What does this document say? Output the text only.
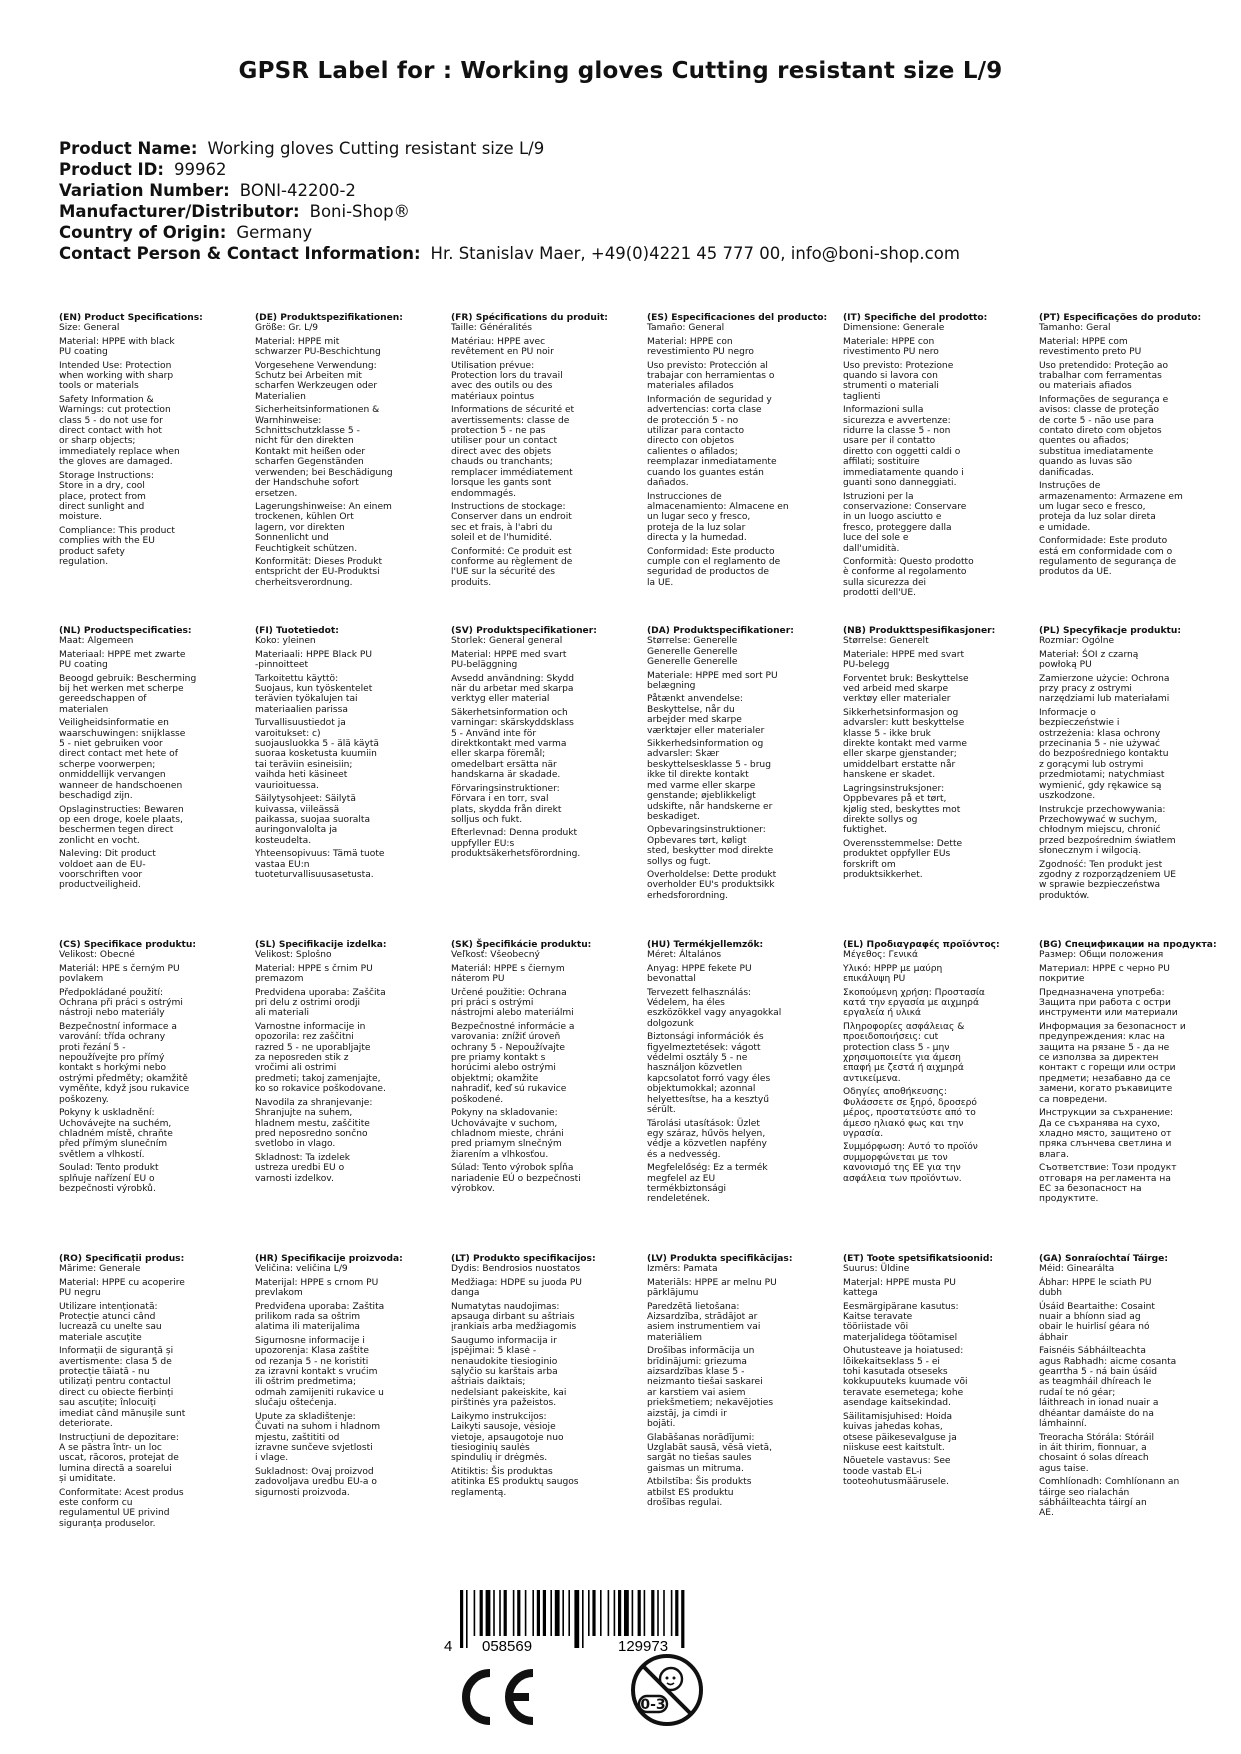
GPSR Label for : Working gloves Cutting resistant size L/9
Product Name: Working gloves Cutting resistant size L/9
Product ID: 99962
Variation Number: BONI-42200-2
Manufacturer/Distributor: Boni-Shop®
Country of Origin: Germany
Contact Person & Contact Information: Hr. Stanislav Maer, +49(0)4221 45 777 00, info@boni-shop.com
(EN) Product Specifications:
Size: General
Material: HPPE with black
PU coating
Intended Use: Protection
when working with sharp
tools or materials
Safety Information &
Warnings: cut protection
class 5 - do not use for
direct contact with hot
or sharp objects;
immediately replace when
the gloves are damaged.
Storage Instructions:
Store in a dry, cool
place, protect from
direct sunlight and
moisture.
Compliance: This product
complies with the EU
product safety
regulation.
(DE) Produktspezifikationen:
Größe: Gr. L/9
Material: HPPE mit
schwarzer PU-Beschichtung
Vorgesehene Verwendung:
Schutz bei Arbeiten mit
scharfen Werkzeugen oder
Materialien
Sicherheitsinformationen &
Warnhinweise:
Schnittschutzklasse 5 -
nicht für den direkten
Kontakt mit heißen oder
scharfen Gegenständen
verwenden; bei Beschädigung
der Handschuhe sofort
ersetzen.
Lagerungshinweise: An einem
trockenen, kühlen Ort
lagern, vor direkten
Sonnenlicht und
Feuchtigkeit schützen.
Konformität: Dieses Produkt
entspricht der EU-Produktsi
cherheitsverordnung.
(FR) Spécifications du produit:
Taille: Généralités
Matériau: HPPE avec
revêtement en PU noir
Utilisation prévue:
Protection lors du travail
avec des outils ou des
matériaux pointus
Informations de sécurité et
avertissements: classe de
protection 5 - ne pas
utiliser pour un contact
direct avec des objets
chauds ou tranchants;
remplacer immédiatement
lorsque les gants sont
endommagés.
Instructions de stockage:
Conserver dans un endroit
sec et frais, à l'abri du
soleil et de l'humidité.
Conformité: Ce produit est
conforme au règlement de
l'UE sur la sécurité des
produits.
(ES) Especificaciones del producto:
Tamaño: General
Material: HPPE con
revestimiento PU negro
Uso previsto: Protección al
trabajar con herramientas o
materiales afilados
Información de seguridad y
advertencias: corta clase
de protección 5 - no
utilizar para contacto
directo con objetos
calientes o afilados;
reemplazar inmediatamente
cuando los guantes están
dañados.
Instrucciones de
almacenamiento: Almacene en
un lugar seco y fresco,
proteja de la luz solar
directa y la humedad.
Conformidad: Este producto
cumple con el reglamento de
seguridad de productos de
la UE.
(IT) Specifiche del prodotto:
Dimensione: Generale
Materiale: HPPE con
rivestimento PU nero
Uso previsto: Protezione
quando si lavora con
strumenti o materiali
taglienti
Informazioni sulla
sicurezza e avvertenze:
ridurre la classe 5 - non
usare per il contatto
diretto con oggetti caldi o
affilati; sostituire
immediatamente quando i
guanti sono danneggiati.
Istruzioni per la
conservazione: Conservare
in un luogo asciutto e
fresco, proteggere dalla
luce del sole e
dall'umidità.
Conformità: Questo prodotto
è conforme al regolamento
sulla sicurezza dei
prodotti dell'UE.
(PT) Especificações do produto:
Tamanho: Geral
Material: HPPE com
revestimento preto PU
Uso pretendido: Proteção ao
trabalhar com ferramentas
ou materiais afiados
Informações de segurança e
avisos: classe de proteção
de corte 5 - não use para
contato direto com objetos
quentes ou afiados;
substitua imediatamente
quando as luvas são
danificadas.
Instruções de
armazenamento: Armazene em
um lugar seco e fresco,
proteja da luz solar direta
e umidade.
Conformidade: Este produto
está em conformidade com o
regulamento de segurança de
produtos da UE.
(NL) Productspecificaties:
Maat: Algemeen
Materiaal: HPPE met zwarte
PU coating
Beoogd gebruik: Bescherming
bij het werken met scherpe
gereedschappen of
materialen
Veiligheidsinformatie en
waarschuwingen: snijklasse
5 - niet gebruiken voor
direct contact met hete of
scherpe voorwerpen;
onmiddellijk vervangen
wanneer de handschoenen
beschadigd zijn.
Opslaginstructies: Bewaren
op een droge, koele plaats,
beschermen tegen direct
zonlicht en vocht.
Naleving: Dit product
voldoet aan de EU-
voorschriften voor
productveiligheid.
(FI) Tuotetiedot:
Koko: yleinen
Materiaali: HPPE Black PU
-pinnoitteet
Tarkoitettu käyttö:
Suojaus, kun työskentelet
terävien työkalujen tai
materiaalien parissa
Turvallisuustiedot ja
varoitukset: c)
suojausluokka 5 - älä käytä
suoraa kosketusta kuumiin
tai teräviin esineisiin;
vaihda heti käsineet
vaurioituessa.
Säilytysohjeet: Säilytä
kuivassa, viileässä
paikassa, suojaa suoralta
auringonvalolta ja
kosteudelta.
Yhteensopivuus: Tämä tuote
vastaa EU:n
tuoteturvallisuusasetusta.
(SV) Produktspecifikationer:
Storlek: General general
Material: HPPE med svart
PU-beläggning
Avsedd användning: Skydd
när du arbetar med skarpa
verktyg eller material
Säkerhetsinformation och
varningar: skärskyddsklass
5 - Använd inte för
direktkontakt med varma
eller skarpa föremål;
omedelbart ersätta när
handskarna är skadade.
Förvaringsinstruktioner:
Förvara i en torr, sval
plats, skydda från direkt
solljus och fukt.
Efterlevnad: Denna produkt
uppfyller EU:s
produktsäkerhetsförordning.
(DA) Produktspecifikationer:
Størrelse: Generelle
Generelle Generelle
Generelle Generelle
Materiale: HPPE med sort PU
belægning
Påtænkt anvendelse:
Beskyttelse, når du
arbejder med skarpe
værktøjer eller materialer
Sikkerhedsinformation og
advarsler: Skær
beskyttelsesklasse 5 - brug
ikke til direkte kontakt
med varme eller skarpe
genstande; øjeblikkeligt
udskifte, når handskerne er
beskadiget.
Opbevaringsinstruktioner:
Opbevares tørt, køligt
sted, beskytter mod direkte
sollys og fugt.
Overholdelse: Dette produkt
overholder EU's produktsikk
erhedsforordning.
(NB) Produkttspesifikasjoner:
Størrelse: Generelt
Materiale: HPPE med svart
PU-belegg
Forventet bruk: Beskyttelse
ved arbeid med skarpe
verktøy eller materialer
Sikkerhetsinformasjon og
advarsler: kutt beskyttelse
klasse 5 - ikke bruk
direkte kontakt med varme
eller skarpe gjenstander;
umiddelbart erstatte når
hanskene er skadet.
Lagringsinstruksjoner:
Oppbevares på et tørt,
kjølig sted, beskyttes mot
direkte sollys og
fuktighet.
Overensstemmelse: Dette
produktet oppfyller EUs
forskrift om
produktsikkerhet.
(PL) Specyfikacje produktu:
Rozmiar: Ogólne
Materiał: ŚOI z czarną
powłoką PU
Zamierzone użycie: Ochrona
przy pracy z ostrymi
narzędziami lub materiałami
Informacje o
bezpieczeństwie i
ostrzeżenia: klasa ochrony
przecinania 5 - nie używać
do bezpośredniego kontaktu
z gorącymi lub ostrymi
przedmiotami; natychmiast
wymienić, gdy rękawice są
uszkodzone.
Instrukcje przechowywania:
Przechowywać w suchym,
chłodnym miejscu, chronić
przed bezpośrednim światłem
słonecznym i wilgocią.
Zgodność: Ten produkt jest
zgodny z rozporządzeniem UE
w sprawie bezpieczeństwa
produktów.
(CS) Specifikace produktu:
Velikost: Obecné
Materiál: HPE s černým PU
povlakem
Předpokládané použití:
Ochrana při práci s ostrými
nástroji nebo materiály
Bezpečnostní informace a
varování: třída ochrany
proti řezání 5 -
nepoužívejte pro přímý
kontakt s horkými nebo
ostrými předměty; okamžitě
vyměňte, když jsou rukavice
poškozeny.
Pokyny k uskladnění:
Uchovávejte na suchém,
chladném místě, chraňte
před přímým slunečním
světlem a vlhkostí.
Soulad: Tento produkt
splňuje nařízení EU o
bezpečnosti výrobků.
(SL) Specifikacije izdelka:
Velikost: Splošno
Material: HPPE s črnim PU
premazom
Predvidena uporaba: Zaščita
pri delu z ostrimi orodji
ali materiali
Varnostne informacije in
opozorila: rez zaščitni
razred 5 - ne uporabljajte
za neposreden stik z
vročimi ali ostrimi
predmeti; takoj zamenjajte,
ko so rokavice poškodovane.
Navodila za shranjevanje:
Shranjujte na suhem,
hladnem mestu, zaščitite
pred neposredno sončno
svetlobo in vlago.
Skladnost: Ta izdelek
ustreza uredbi EU o
varnosti izdelkov.
(SK) Špecifikácie produktu:
Veľkosť: Všeobecný
Materiál: HPPE s čiernym
náterom PU
Určené použitie: Ochrana
pri práci s ostrými
nástrojmi alebo materiálmi
Bezpečnostné informácie a
varovania: znížiť úroveň
ochrany 5 - Nepoužívajte
pre priamy kontakt s
horúcimi alebo ostrými
objektmi; okamžite
nahradiť, keď sú rukavice
poškodené.
Pokyny na skladovanie:
Uchovávajte v suchom,
chladnom mieste, chráni
pred priamym slnečným
žiarením a vlhkosťou.
Súlad: Tento výrobok spĺňa
nariadenie EÚ o bezpečnosti
výrobkov.
(HU) Termékjellemzők:
Méret: Általános
Anyag: HPPE fekete PU
bevonattal
Tervezett felhasználás:
Védelem, ha éles
eszközökkel vagy anyagokkal
dolgozunk
Biztonsági információk és
figyelmeztetések: vágott
védelmi osztály 5 - ne
használjon közvetlen
kapcsolatot forró vagy éles
objektumokkal; azonnal
helyettesítse, ha a kesztyű
sérült.
Tárolási utasítások: Üzlet
egy száraz, hűvös helyen,
védje a közvetlen napfény
és a nedvesség.
Megfelelőség: Ez a termék
megfelel az EU
termékbiztonsági
rendeletének.
(EL) Προδιαγραφές προϊόντος:
Μέγεθος: Γενικά
Υλικό: HPPP με μαύρη
επικάλυψη PU
Σκοπούμενη χρήση: Προστασία
κατά την εργασία με αιχμηρά
εργαλεία ή υλικά
Πληροφορίες ασφάλειας &
προειδοποιήσεις: cut
protection class 5 - μην
χρησιμοποιείτε για άμεση
επαφή με ζεστά ή αιχμηρά
αντικείμενα.
Οδηγίες αποθήκευσης:
Φυλάσσετε σε ξηρό, δροσερό
μέρος, προστατεύστε από το
άμεσο ηλιακό φως και την
υγρασία.
Συμμόρφωση: Αυτό το προϊόν
συμμορφώνεται με τον
κανονισμό της ΕΕ για την
ασφάλεια των προϊόντων.
(BG) Спецификации на продукта:
Размер: Общи положения
Материал: HPPE с черно PU
покритие
Предназначена употреба:
Защита при работа с остри
инструменти или материали
Информация за безопасност и
предупреждения: клас на
защита на рязане 5 - да не
се използва за директен
контакт с горещи или остри
предмети; незабавно да се
замени, когато ръкавиците
са повредени.
Инструкции за съхранение:
Да се съхранява на сухо,
хладно място, защитено от
пряка слънчева светлина и
влага.
Съответствие: Този продукт
отговаря на регламента на
ЕС за безопасност на
продуктите.
(RO) Specificații produs:
Mărime: Generale
Material: HPPE cu acoperire
PU negru
Utilizare intenționată:
Protecție atunci când
lucrează cu unelte sau
materiale ascuțite
Informații de siguranță și
avertismente: clasa 5 de
protecție tăiată - nu
utilizați pentru contactul
direct cu obiecte fierbinți
sau ascuțite; înlocuiți
imediat când mănușile sunt
deteriorate.
Instrucțiuni de depozitare:
A se păstra într- un loc
uscat, răcoros, protejat de
lumina directă a soarelui
și umiditate.
Conformitate: Acest produs
este conform cu
regulamentul UE privind
siguranța produselor.
(HR) Specifikacije proizvoda:
Veličina: veličina L/9
Materijal: HPPE s crnom PU
prevlakom
Predviđena uporaba: Zaštita
prilikom rada sa oštrim
alatima ili materijalima
Sigurnosne informacije i
upozorenja: Klasa zaštite
od rezanja 5 - ne koristiti
za izravni kontakt s vrućim
ili oštrim predmetima;
odmah zamijeniti rukavice u
slučaju oštećenja.
Upute za skladištenje:
Čuvati na suhom i hladnom
mjestu, zaštititi od
izravne sunčeve svjetlosti
i vlage.
Sukladnost: Ovaj proizvod
zadovoljava uredbu EU-a o
sigurnosti proizvoda.
(LT) Produkto specifikacijos:
Dydis: Bendrosios nuostatos
Medžiaga: HDPE su juoda PU
danga
Numatytas naudojimas:
apsauga dirbant su aštriais
įrankiais arba medžiagomis
Saugumo informacija ir
įspėjimai: 5 klasė -
nenaudokite tiesioginio
sąlyčio su karštais arba
aštriais daiktais;
nedelsiant pakeiskite, kai
pirštinės yra pažeistos.
Laikymo instrukcijos:
Laikyti sausoje, vėsioje
vietoje, apsaugotoje nuo
tiesioginių saulės
spindulių ir drėgmės.
Atitiktis: Šis produktas
atitinka ES produktų saugos
reglamentą.
(LV) Produkta specifikācijas:
Izmērs: Pamata
Materiāls: HPPE ar melnu PU
pārklājumu
Paredzētā lietošana:
Aizsardzība, strādājot ar
asiem instrumentiem vai
materiāliem
Drošības informācija un
brīdinājumi: griezuma
aizsardzības klase 5 -
neizmanto tiešai saskarei
ar karstiem vai asiem
priekšmetiem; nekavējoties
aizstāj, ja cimdi ir
bojāti.
Glabāšanas norādījumi:
Uzglabāt sausā, vēsā vietā,
sargāt no tiešas saules
gaismas un mitruma.
Atbilstība: Šis produkts
atbilst ES produktu
drošības regulai.
(ET) Toote spetsifikatsioonid:
Suurus: Üldine
Materjal: HPPE musta PU
kattega
Eesmärgipärane kasutus:
Kaitse teravate
tööriistade või
materjalidega töötamisel
Ohutusteave ja hoiatused:
lõikekaitseklass 5 - ei
tohi kasutada otseseks
kokkupuuteks kuumade või
teravate esemetega; kohe
asendage kaitsekindad.
Säilitamisjuhised: Hoida
kuivas jahedas kohas,
otsese päikesevalguse ja
niiskuse eest kaitstult.
Nõuetele vastavus: See
toode vastab EL-i
tooteohutusmäärusele.
(GA) Sonraíochtaí Táirge:
Méid: Ginearálta
Ábhar: HPPE le sciath PU
dubh
Úsáid Beartaithe: Cosaint
nuair a bhíonn siad ag
obair le huirlisí géara nó
ábhair
Faisnéis Sábháilteachta
agus Rabhadh: aicme cosanta
gearrtha 5 - ná bain úsáid
as teagmháil dhíreach le
rudaí te nó géar;
láithreach in ionad nuair a
dhéantar damáiste do na
lámhainní.
Treoracha Stórála: Stóráil
in áit thirim, fionnuar, a
chosaint ó solas díreach
agus taise.
Comhlíonadh: Comhlíonann an
táirge seo rialachán
sábháilteachta táirgí an
AE.
4 058569	129973
0-3
